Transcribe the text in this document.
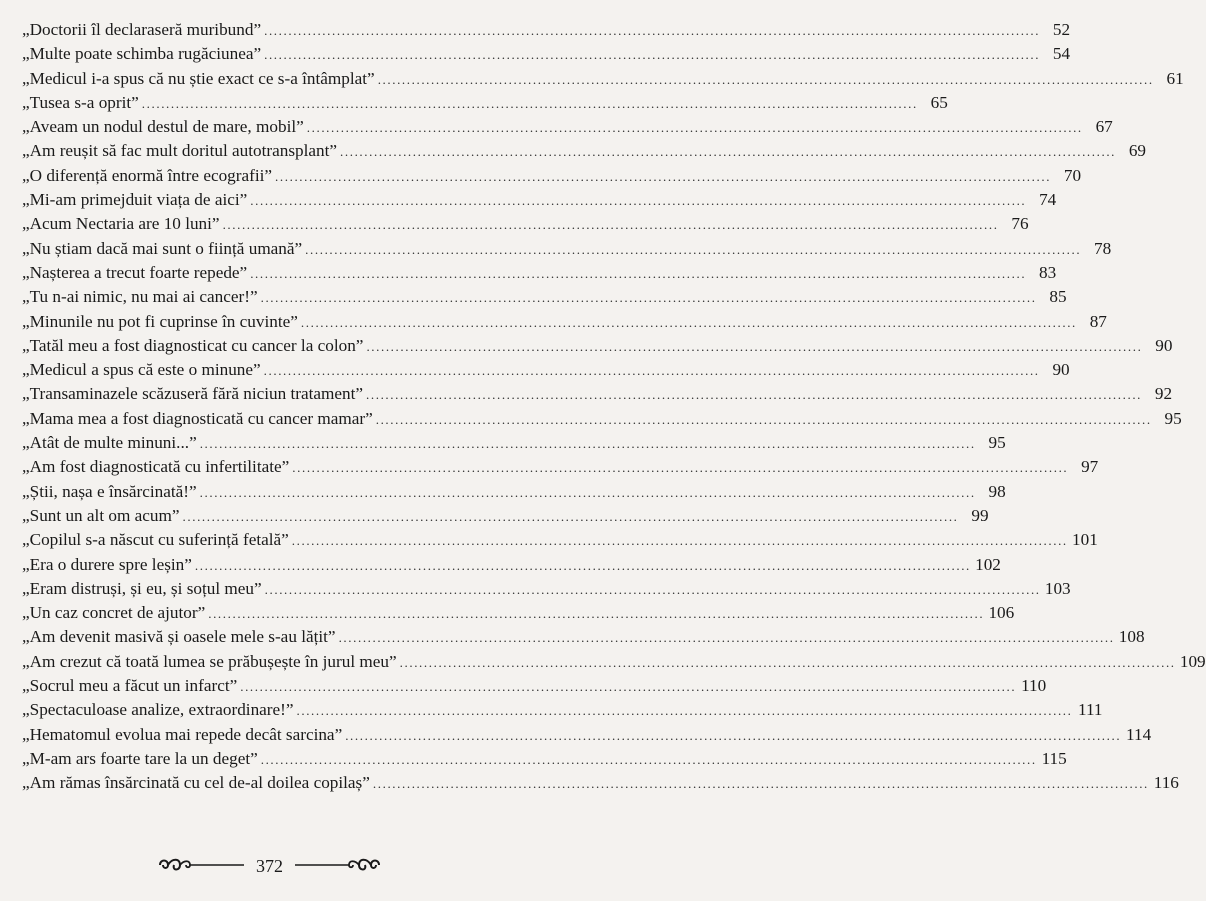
„Doctorii îl declaraseră muribund” ................................................................................................................................................................ 52
„Multe poate schimba rugăciunea” ................................................................................................................................................................ 54
„Medicul i-a spus că nu știe exact ce s-a întâmplat” ................................................................................................................................................................ 61
„Tusea s-a oprit” ................................................................................................................................................................ 65
„Aveam un nodul destul de mare, mobil” ................................................................................................................................................................ 67
„Am reușit să fac mult doritul autotransplant” ................................................................................................................................................................ 69
„O diferență enormă între ecografii” ................................................................................................................................................................ 70
„Mi-am primejduit viața de aici” ................................................................................................................................................................ 74
„Acum Nectaria are 10 luni” ................................................................................................................................................................ 76
„Nu știam dacă mai sunt o ființă umană” ................................................................................................................................................................ 78
„Nașterea a trecut foarte repede” ................................................................................................................................................................ 83
„Tu n-ai nimic, nu mai ai cancer!” ................................................................................................................................................................ 85
„Minunile nu pot fi cuprinse în cuvinte” ................................................................................................................................................................ 87
„Tatăl meu a fost diagnosticat cu cancer la colon” ................................................................................................................................................................ 90
„Medicul a spus că este o minune” ................................................................................................................................................................ 90
„Transaminazele scăzuseră fără niciun tratament” ................................................................................................................................................................ 92
„Mama mea a fost diagnosticată cu cancer mamar” ................................................................................................................................................................ 95
„Atât de multe minuni...” ................................................................................................................................................................ 95
„Am fost diagnosticată cu infertilitate” ................................................................................................................................................................ 97
„Știi, nașa e însărcinată!” ................................................................................................................................................................ 98
„Sunt un alt om acum” ................................................................................................................................................................ 99
„Copilul s-a născut cu suferință fetală” ................................................................................................................................................................ 101
„Era o durere spre leșin” ................................................................................................................................................................ 102
„Eram distruși, și eu, și soțul meu” ................................................................................................................................................................ 103
„Un caz concret de ajutor” ................................................................................................................................................................ 106
„Am devenit masivă și oasele mele s-au lățit” ................................................................................................................................................................ 108
„Am crezut că toată lumea se prăbușește în jurul meu” ................................................................................................................................................................ 109
„Socrul meu a făcut un infarct” ................................................................................................................................................................ 110
„Spectaculoase analize, extraordinare!” ................................................................................................................................................................ 111
„Hematomul evolua mai repede decât sarcina” ................................................................................................................................................................ 114
„M-am ars foarte tare la un deget” ................................................................................................................................................................ 115
„Am rămas însărcinată cu cel de-al doilea copilaș” ................................................................................................................................................................ 116
372
